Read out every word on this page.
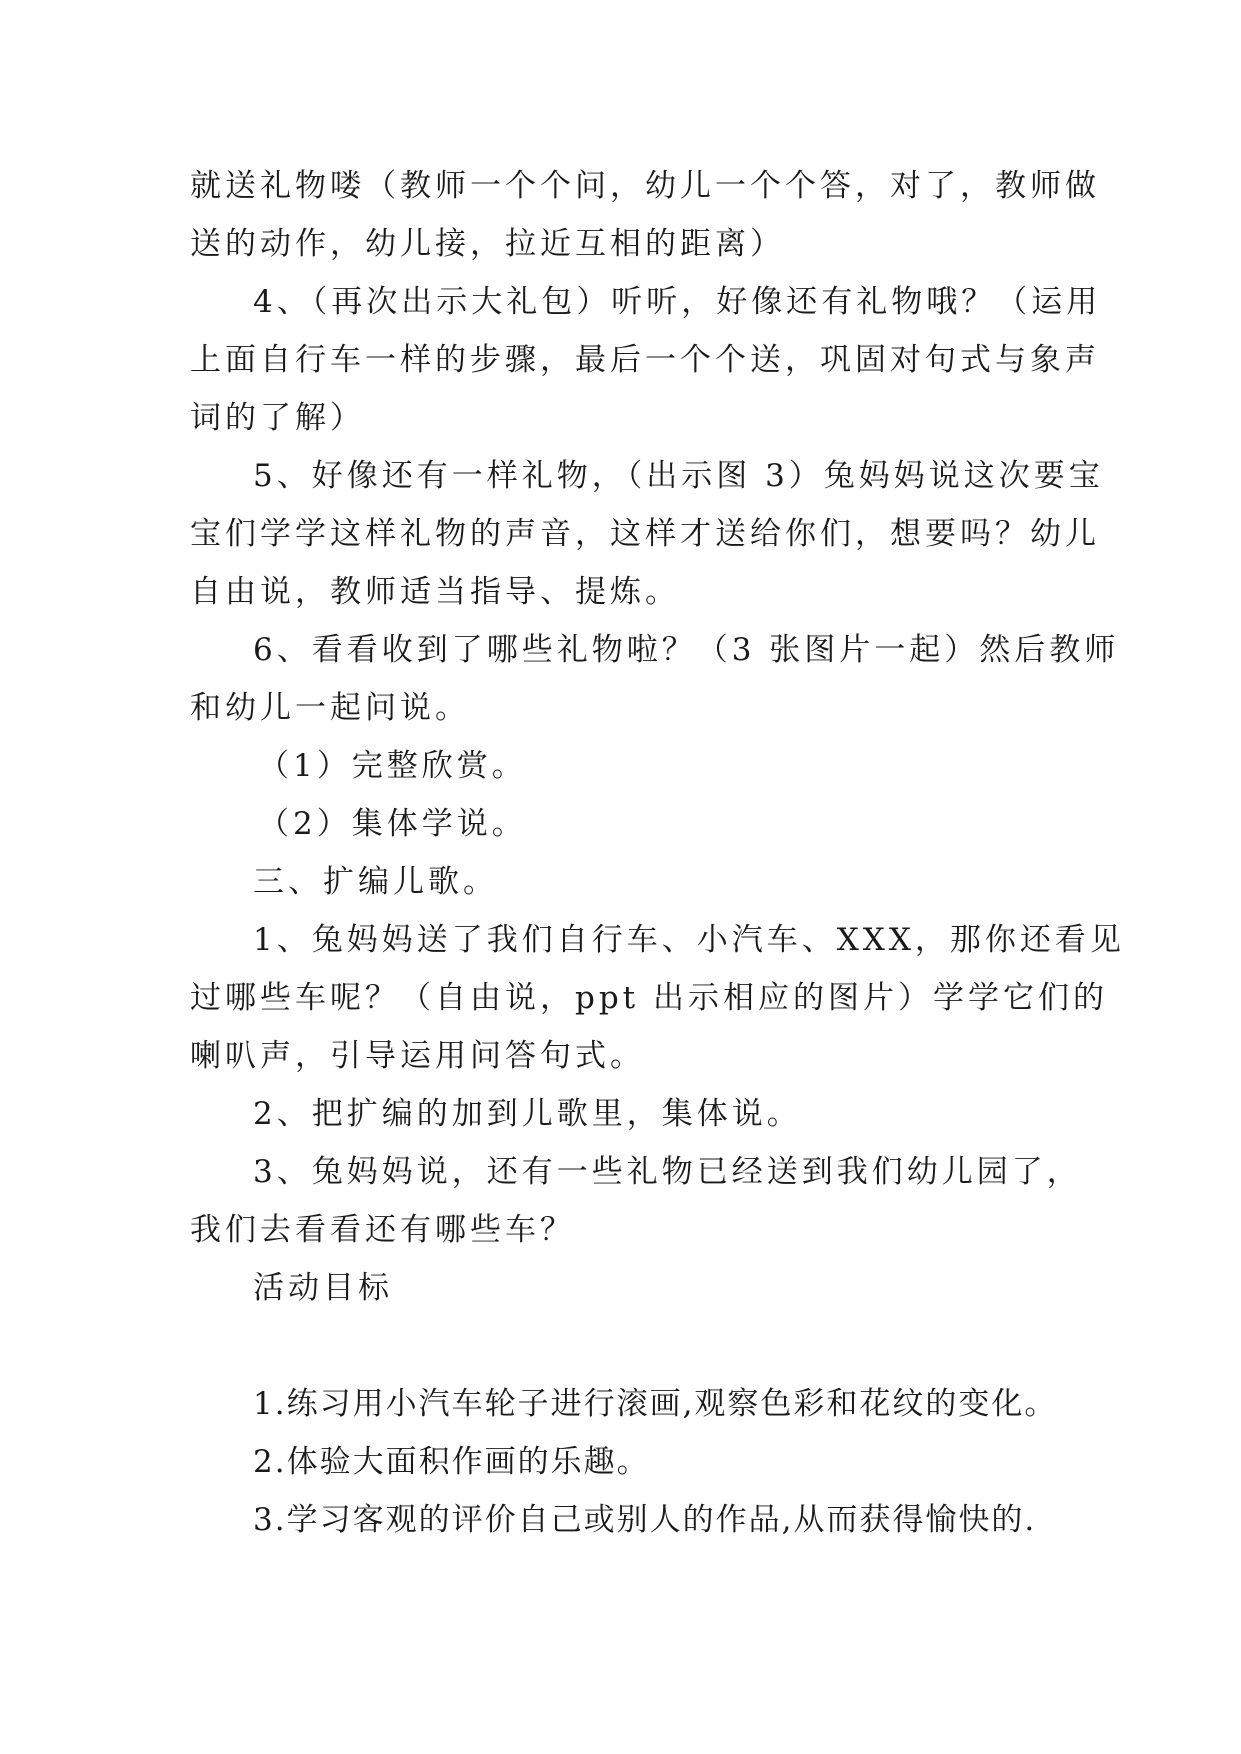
就送礼物喽（教师一个个问，幼儿一个个答，对了，教师做
送的动作，幼儿接，拉近互相的距离）
4、（再次出示大礼包）听听，好像还有礼物哦？（运用
上面自行车一样的步骤，最后一个个送，巩固对句式与象声
词的了解）
5、好像还有一样礼物，（出示图 3）兔妈妈说这次要宝
宝们学学这样礼物的声音，这样才送给你们，想要吗？幼儿
自由说，教师适当指导、提炼。
6、看看收到了哪些礼物啦？（3 张图片一起）然后教师
和幼儿一起问说。
（1）完整欣赏。
（2）集体学说。
三、扩编儿歌。
1、兔妈妈送了我们自行车、小汽车、XXX，那你还看见
过哪些车呢？（自由说，ppt 出示相应的图片）学学它们的
喇叭声，引导运用问答句式。
2、把扩编的加到儿歌里，集体说。
3、兔妈妈说，还有一些礼物已经送到我们幼儿园了，
我们去看看还有哪些车？
活动目标
1.练习用小汽车轮子进行滚画,观察色彩和花纹的变化。
2.体验大面积作画的乐趣。
3.学习客观的评价自己或别人的作品,从而获得愉快的.
